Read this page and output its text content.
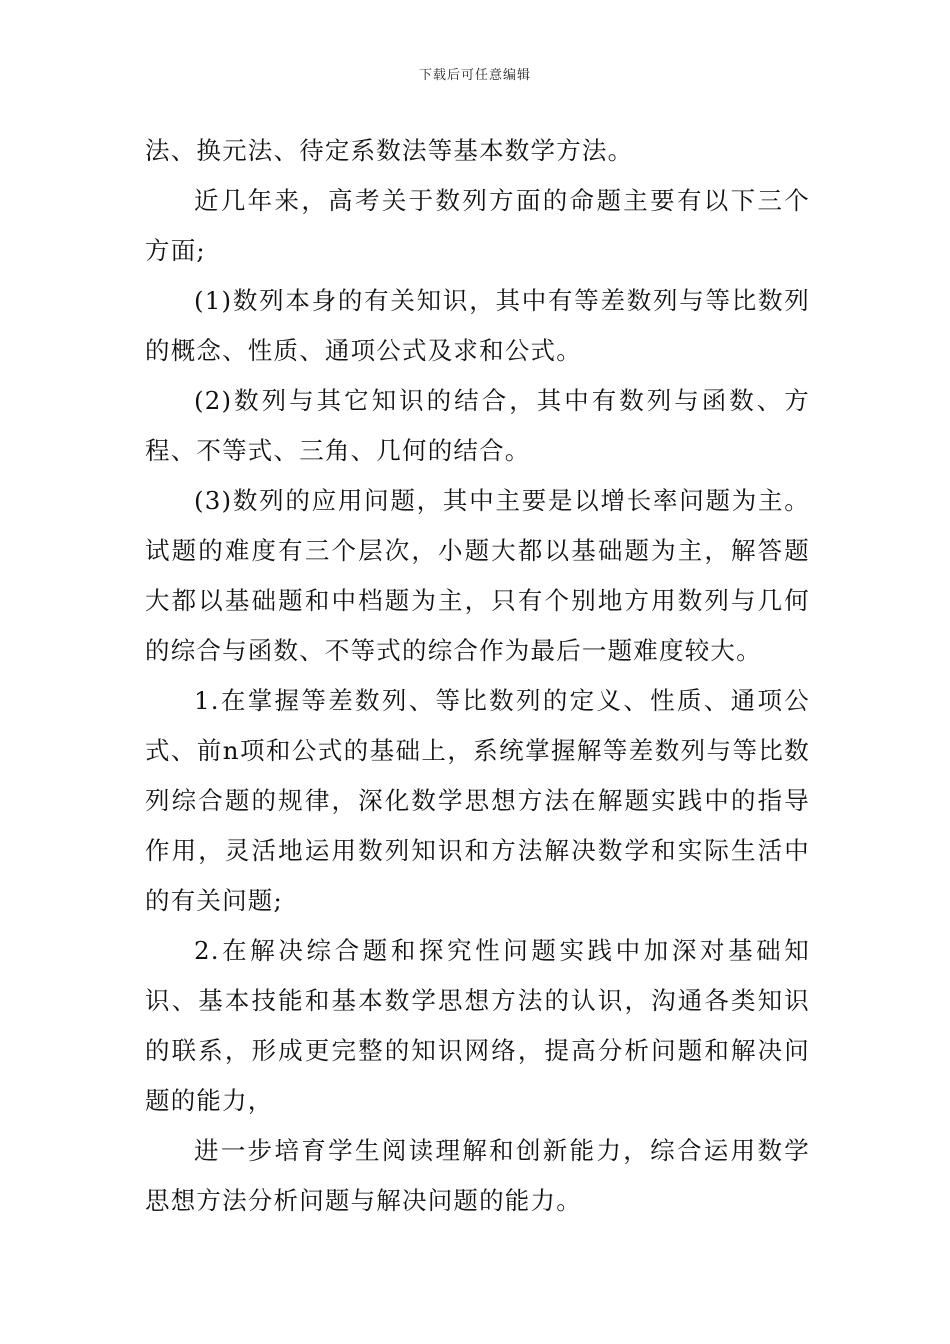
下载后可任意编辑

法、换元法、待定系数法等基本数学方法。

近几年来，高考关于数列方面的命题主要有以下三个方面;

(1)数列本身的有关知识，其中有等差数列与等比数列的概念、性质、通项公式及求和公式。

(2)数列与其它知识的结合，其中有数列与函数、方程、不等式、三角、几何的结合。

(3)数列的应用问题，其中主要是以增长率问题为主。试题的难度有三个层次，小题大都以基础题为主，解答题大都以基础题和中档题为主，只有个别地方用数列与几何的综合与函数、不等式的综合作为最后一题难度较大。

1.在掌握等差数列、等比数列的定义、性质、通项公式、前n项和公式的基础上，系统掌握解等差数列与等比数列综合题的规律，深化数学思想方法在解题实践中的指导作用，灵活地运用数列知识和方法解决数学和实际生活中的有关问题;

2.在解决综合题和探究性问题实践中加深对基础知识、基本技能和基本数学思想方法的认识，沟通各类知识的联系，形成更完整的知识网络，提高分析问题和解决问题的能力，

进一步培育学生阅读理解和创新能力，综合运用数学思想方法分析问题与解决问题的能力。
